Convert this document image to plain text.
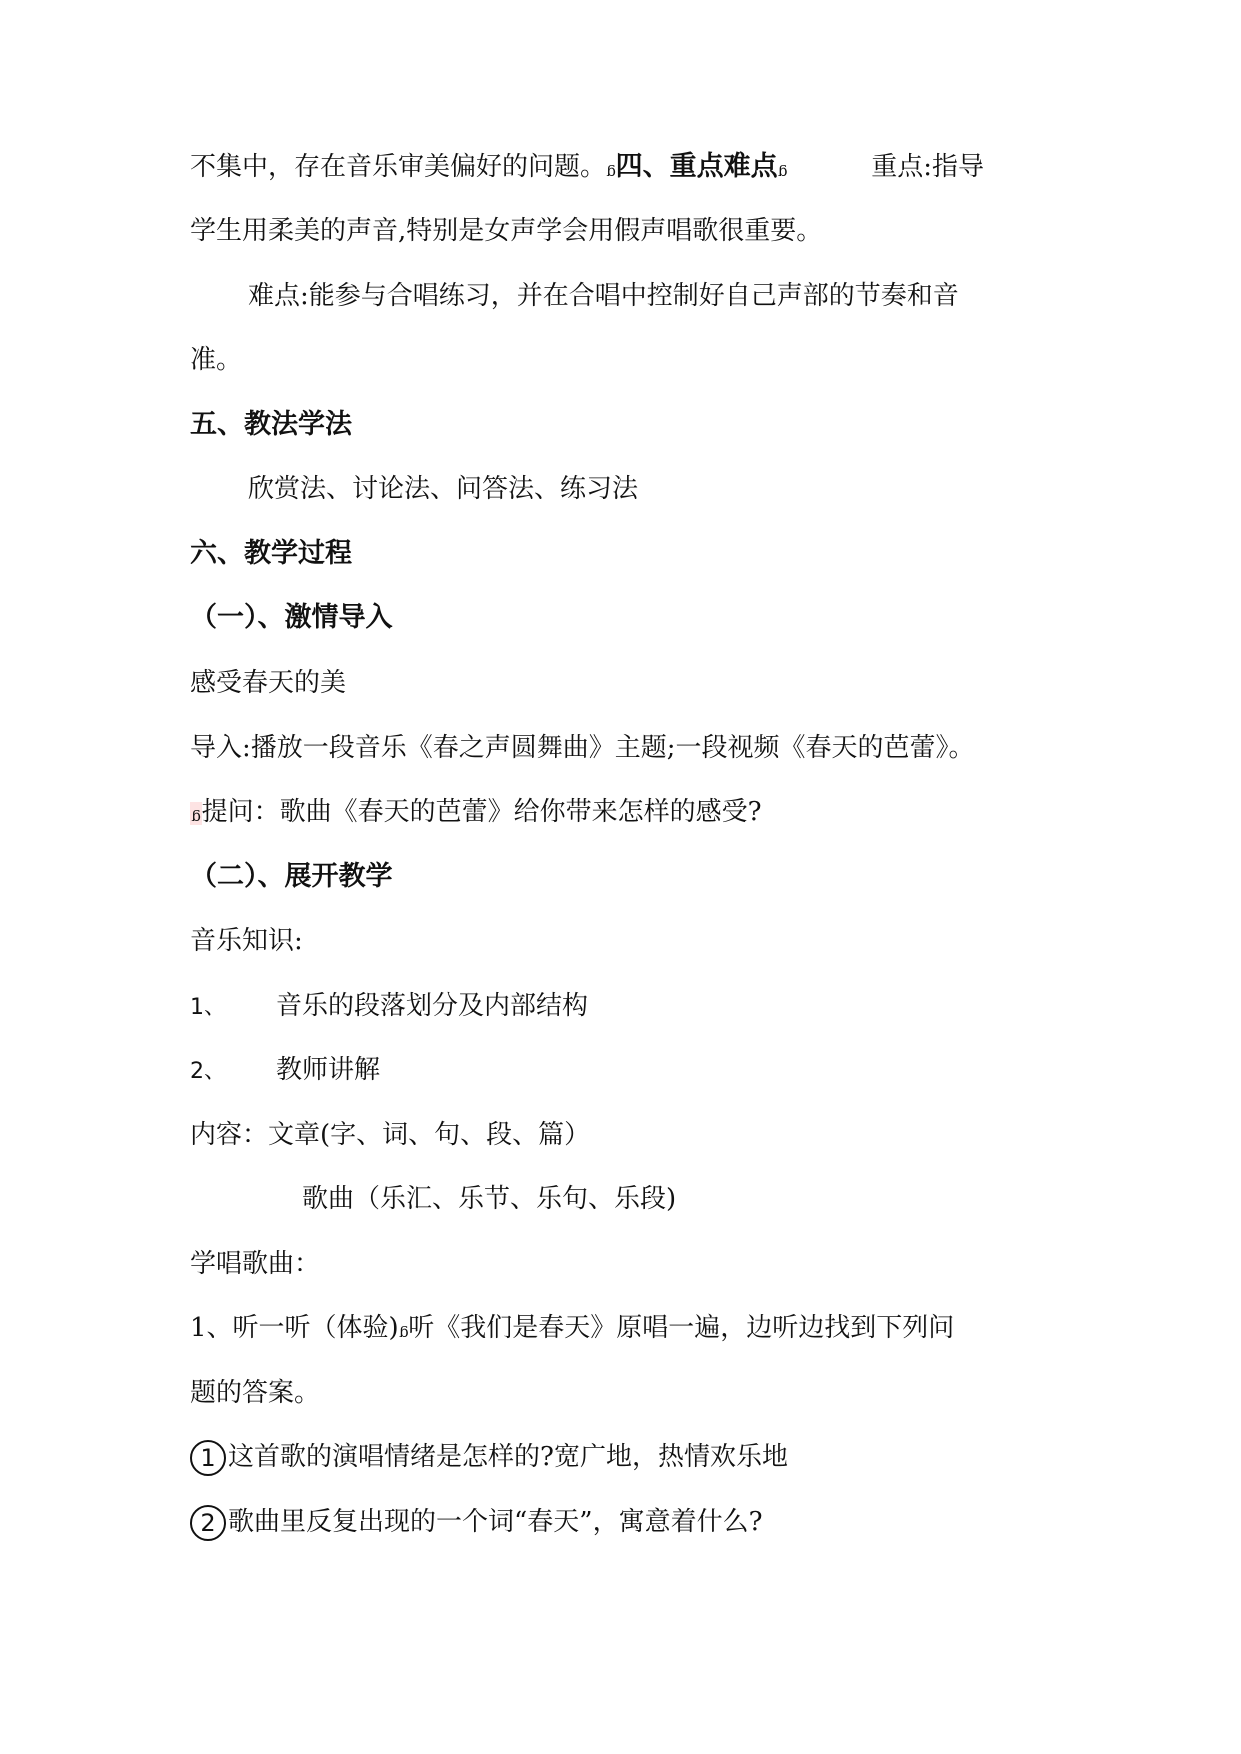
不集中，存在音乐审美偏好的问题。ᵷ四、重点难点ᵷ	重点:指导
学生用柔美的声音,特别是女声学会用假声唱歌很重要。
难点:能参与合唱练习，并在合唱中控制好自己声部的节奏和音
准。
五、教法学法
欣赏法、讨论法、问答法、练习法
六、教学过程
（一）、激情导入
感受春天的美
导入:播放一段音乐《春之声圆舞曲》主题;一段视频《春天的芭蕾》。
ᵷ提问：歌曲《春天的芭蕾》给你带来怎样的感受?
（二）、展开教学
音乐知识:
1、 音乐的段落划分及内部结构
2、 教师讲解
内容：文章(字、词、句、段、篇）
歌曲（乐汇、乐节、乐句、乐段)
学唱歌曲：
1、听一听（体验)ᵷ听《我们是春天》原唱一遍，边听边找到下列问
题的答案。
1 这首歌的演唱情绪是怎样的?宽广地，热情欢乐地
2 歌曲里反复出现的一个词“春天”，寓意着什么?
